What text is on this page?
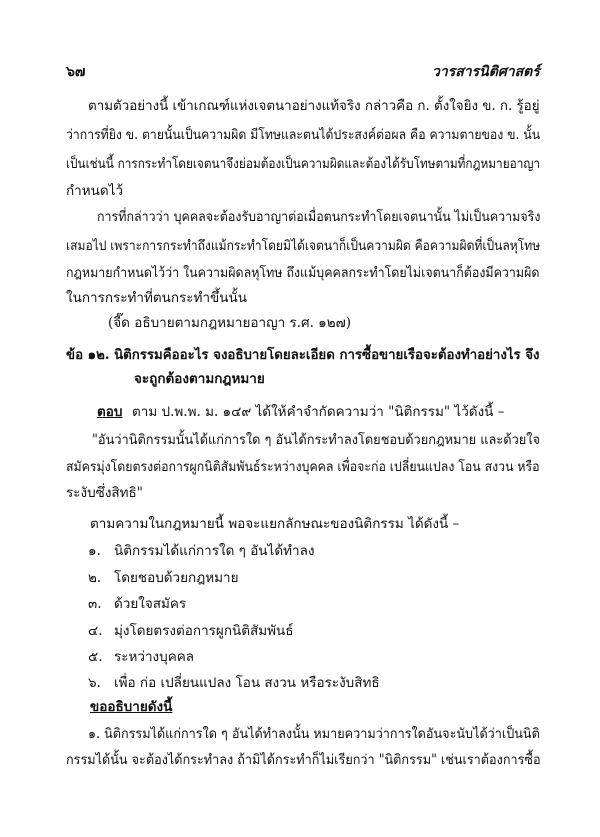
๖๗	วารสารนิติศาสตร์
ตามตัวอย่างนี้ เข้าเกณฑ์แห่งเจตนาอย่างแท้จริง กล่าวคือ ก. ตั้งใจยิง ข. ก. รู้อยู่
ว่าการที่ยิง ข. ตายนั้นเป็นความผิด มีโทษและตนได้ประสงค์ต่อผล คือ ความตายของ ข. นั้น
เป็นเช่นนี้ การกระทำโดยเจตนาจึงย่อมต้องเป็นความผิดและต้องได้รับโทษตามที่กฎหมายอาญา
กำหนดไว้
การที่กล่าวว่า บุคคลจะต้องรับอาญาต่อเมื่อตนกระทำโดยเจตนานั้น ไม่เป็นความจริง
เสมอไป เพราะการกระทำถึงแม้กระทำโดยมิได้เจตนาก็เป็นความผิด คือความผิดที่เป็นลหุโทษ
กฎหมายกำหนดไว้ว่า ในความผิดลหุโทษ ถึงแม้บุคคลกระทำโดยไม่เจตนาก็ต้องมีความผิด
ในการกระทำที่ตนกระทำขึ้นนั้น
(จี๊ด อธิบายตามกฎหมายอาญา ร.ศ. ๑๒๗)
ข้อ ๑๒. นิติกรรมคืออะไร จงอธิบายโดยละเอียด การซื้อขายเรือจะต้องทำอย่างไร จึง
จะถูกต้องตามกฎหมาย
ตอบ ตาม ป.พ.พ. ม. ๑๔๙ ได้ให้คำจำกัดความว่า "นิติกรรม" ไว้ดังนี้ –
"อันว่านิติกรรมนั้นได้แก่การใด ๆ อันได้กระทำลงโดยชอบด้วยกฎหมาย และด้วยใจ
สมัครมุ่งโดยตรงต่อการผูกนิติสัมพันธ์ระหว่างบุคคล เพื่อจะก่อ เปลี่ยนแปลง โอน สงวน หรือ
ระงับซึ่งสิทธิ"
ตามความในกฎหมายนี้ พอจะแยกลักษณะของนิติกรรม ได้ดังนี้ –
๑. นิติกรรมได้แก่การใด ๆ อันได้ทำลง
๒. โดยชอบด้วยกฎหมาย
๓. ด้วยใจสมัคร
๔. มุ่งโดยตรงต่อการผูกนิติสัมพันธ์
๕. ระหว่างบุคคล
๖. เพื่อ ก่อ เปลี่ยนแปลง โอน สงวน หรือระงับสิทธิ
ขออธิบายดังนี้
๑. นิติกรรมได้แก่การใด ๆ อันได้ทำลงนั้น หมายความว่าการใดอันจะนับได้ว่าเป็นนิติ
กรรมได้นั้น จะต้องได้กระทำลง ถ้ามิได้กระทำก็ไม่เรียกว่า "นิติกรรม" เช่นเราต้องการซื้อ
